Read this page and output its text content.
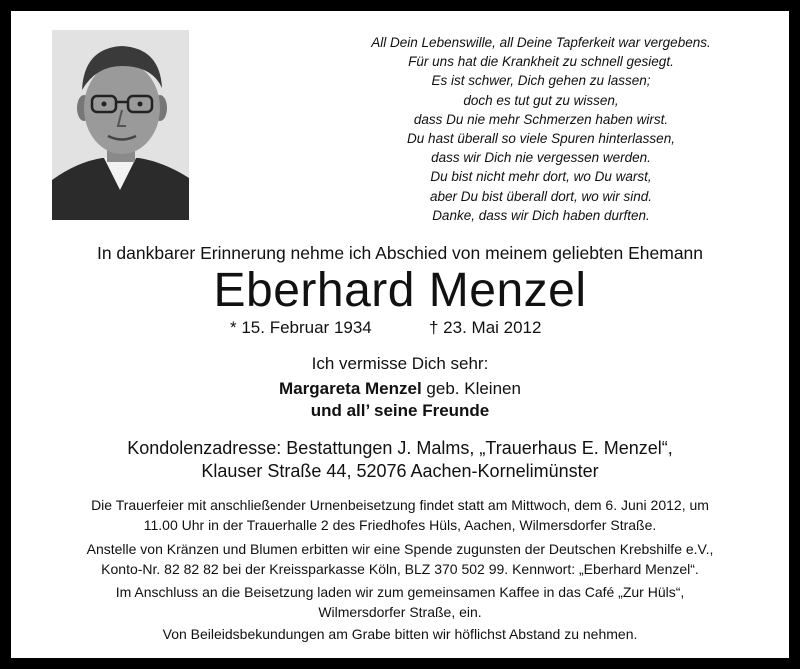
All Dein Lebenswille, all Deine Tapferkeit war vergebens.
Für uns hat die Krankheit zu schnell gesiegt.
Es ist schwer, Dich gehen zu lassen;
doch es tut gut zu wissen,
dass Du nie mehr Schmerzen haben wirst.
Du hast überall so viele Spuren hinterlassen,
dass wir Dich nie vergessen werden.
Du bist nicht mehr dort, wo Du warst,
aber Du bist überall dort, wo wir sind.
Danke, dass wir Dich haben durften.
In dankbarer Erinnerung nehme ich Abschied von meinem geliebten Ehemann
Eberhard Menzel
* 15. Februar 1934	† 23. Mai 2012
Ich vermisse Dich sehr:
Margareta Menzel geb. Kleinen
und all’ seine Freunde
Kondolenzadresse: Bestattungen J. Malms, „Trauerhaus E. Menzel“,
Klauser Straße 44, 52076 Aachen-Kornelimünster
Die Trauerfeier mit anschließender Urnenbeisetzung findet statt am Mittwoch, dem 6. Juni 2012, um
11.00 Uhr in der Trauerhalle 2 des Friedhofes Hüls, Aachen, Wilmersdorfer Straße.
Anstelle von Kränzen und Blumen erbitten wir eine Spende zugunsten der Deutschen Krebshilfe e.V.,
Konto-Nr. 82 82 82 bei der Kreissparkasse Köln, BLZ 370 502 99. Kennwort: „Eberhard Menzel“.
Im Anschluss an die Beisetzung laden wir zum gemeinsamen Kaffee in das Café „Zur Hüls“,
Wilmersdorfer Straße, ein.
Von Beileidsbekundungen am Grabe bitten wir höflichst Abstand zu nehmen.
